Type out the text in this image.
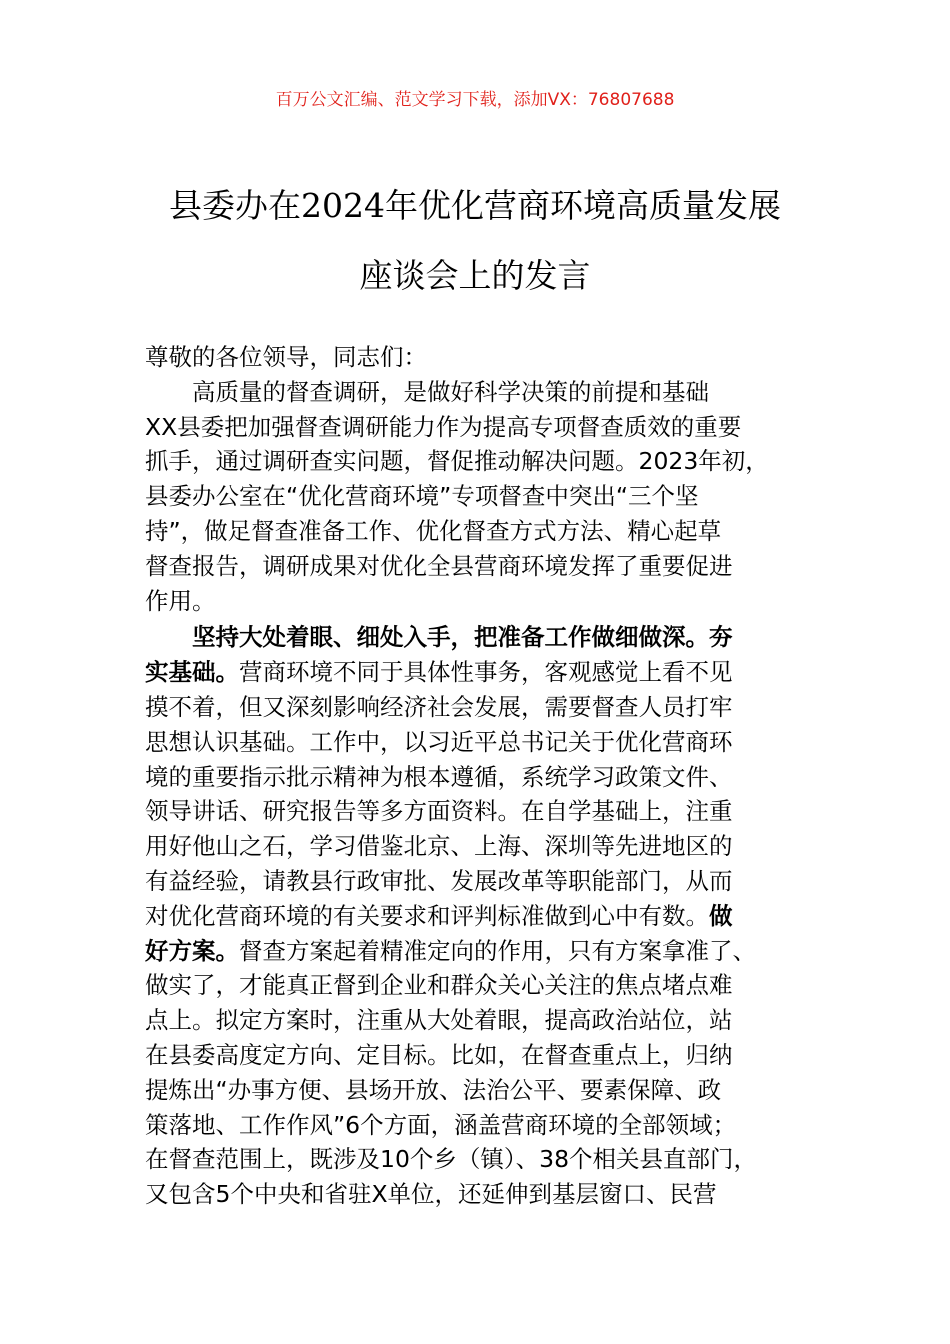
百万公文汇编、范文学习下载，添加VX：76807688
县委办在2024年优化营商环境高质量发展
座谈会上的发言
尊敬的各位领导，同志们：
高质量的督查调研，是做好科学决策的前提和基础
XX县委把加强督查调研能力作为提高专项督查质效的重要
抓手，通过调研查实问题，督促推动解决问题。2023年初，
县委办公室在“优化营商环境”专项督查中突出“三个坚
持”，做足督查准备工作、优化督查方式方法、精心起草
督查报告，调研成果对优化全县营商环境发挥了重要促进
作用。
坚持大处着眼、细处入手，把准备工作做细做深。夯
实基础。营商环境不同于具体性事务，客观感觉上看不见
摸不着，但又深刻影响经济社会发展，需要督查人员打牢
思想认识基础。工作中，以习近平总书记关于优化营商环
境的重要指示批示精神为根本遵循，系统学习政策文件、
领导讲话、研究报告等多方面资料。在自学基础上，注重
用好他山之石，学习借鉴北京、上海、深圳等先进地区的
有益经验，请教县行政审批、发展改革等职能部门，从而
对优化营商环境的有关要求和评判标准做到心中有数。做
好方案。督查方案起着精准定向的作用，只有方案拿准了、
做实了，才能真正督到企业和群众关心关注的焦点堵点难
点上。拟定方案时，注重从大处着眼，提高政治站位，站
在县委高度定方向、定目标。比如，在督查重点上，归纳
提炼出“办事方便、县场开放、法治公平、要素保障、政
策落地、工作作风”6个方面，涵盖营商环境的全部领域；
在督查范围上，既涉及10个乡（镇）、38个相关县直部门，
又包含5个中央和省驻X单位，还延伸到基层窗口、民营
